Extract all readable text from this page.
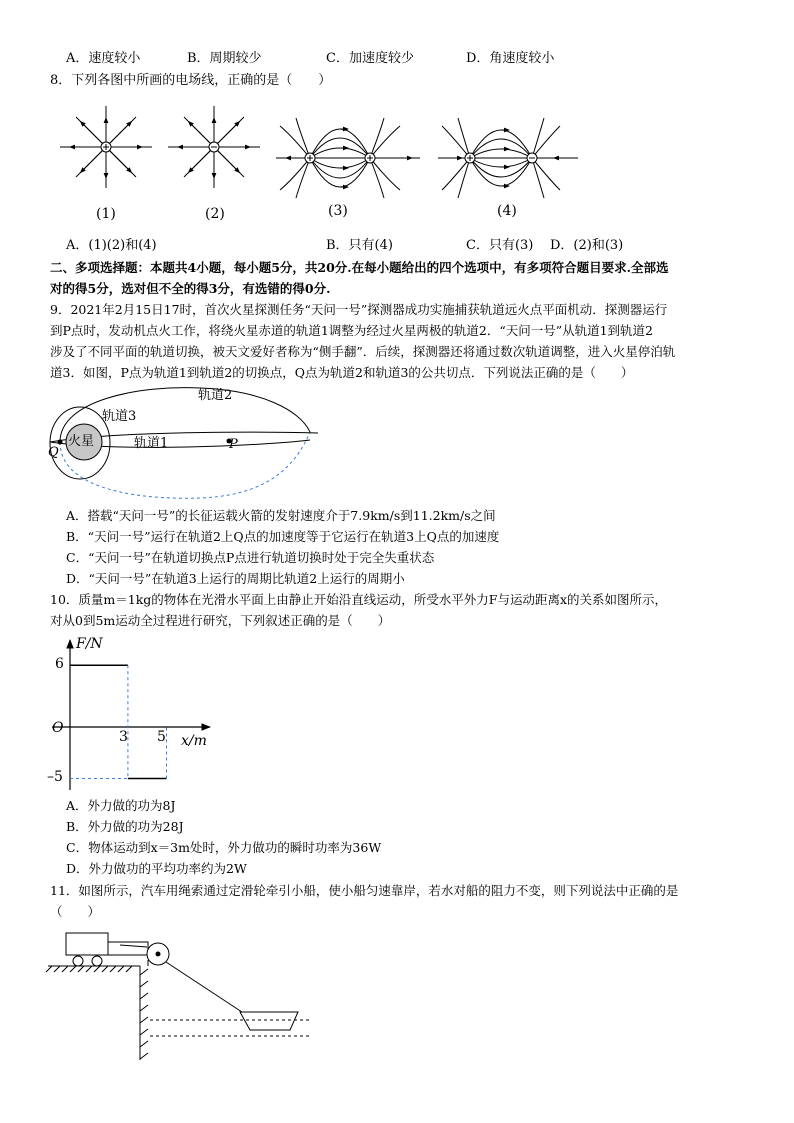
A．速度较小	B．周期较少	C．加速度较少	D．角速度较小
8．下列各图中所画的电场线，正确的是（　　）
(1)	(2)	(3)	(4)
A．(1)(2)和(4)	B．只有(4)	C．只有(3) D．(2)和(3)
二、多项选择题：本题共4小题，每小题5分，共20分.在每小题给出的四个选项中，有多项符合题目要求.全部选
对的得5分，选对但不全的得3分，有选错的得0分.
9．2021年2月15日17时，首次火星探测任务“天问一号”探测器成功实施捕获轨道远火点平面机动．探测器运行
到P点时，发动机点火工作，将绕火星赤道的轨道1调整为经过火星两极的轨道2．“天问一号”从轨道1到轨道2
涉及了不同平面的轨道切换，被天文爱好者称为“侧手翻”．后续，探测器还将通过数次轨道调整，进入火星停泊轨
道3．如图，P点为轨道1到轨道2的切换点，Q点为轨道2和轨道3的公共切点．下列说法正确的是（　　）
轨道2
轨道3
轨道1
火星	P
Q
A．搭载“天问一号”的长征运载火箭的发射速度介于7.9km/s到11.2km/s之间
B．“天问一号”运行在轨道2上Q点的加速度等于它运行在轨道3上Q点的加速度
C．“天问一号”在轨道切换点P点进行轨道切换时处于完全失重状态
D．“天问一号”在轨道3上运行的周期比轨道2上运行的周期小
10．质量m＝1kg的物体在光滑水平面上由静止开始沿直线运动，所受水平外力F与运动距离x的关系如图所示，
对从0到5m运动全过程进行研究，下列叙述正确的是（　　）
F/N
x/m
O
6
–5
3 5
A．外力做的功为8J
B．外力做的功为28J
C．物体运动到x＝3m处时，外力做功的瞬时功率为36W
D．外力做功的平均功率约为2W
11．如图所示，汽车用绳索通过定滑轮牵引小船，使小船匀速靠岸，若水对船的阻力不变，则下列说法中正确的是
（　　）
